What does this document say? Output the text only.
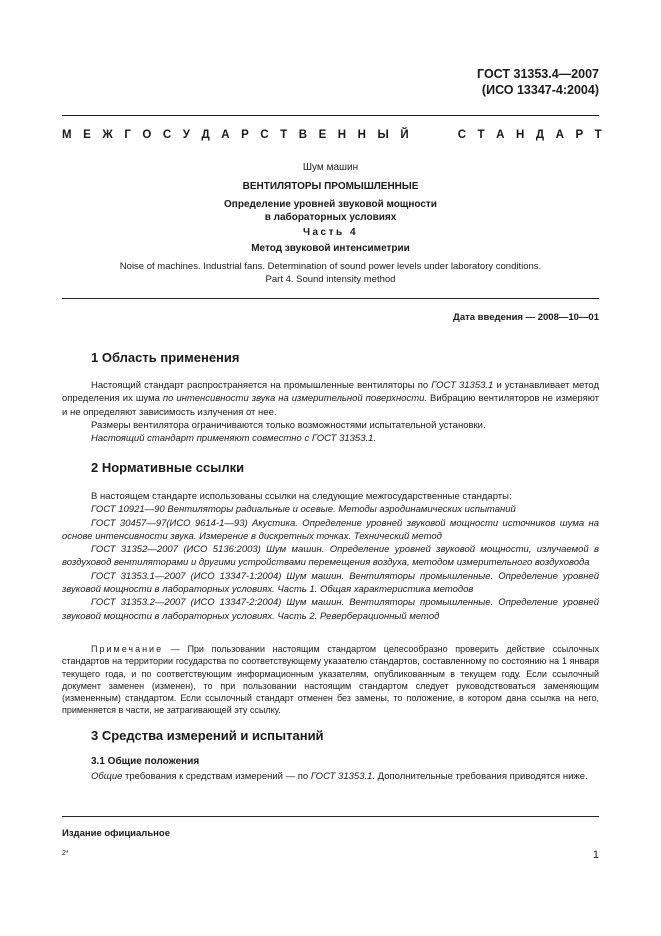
ГОСТ 31353.4—2007
(ИСО 13347-4:2004)
М Е Ж Г О С У Д А Р С Т В Е Н Н Ы Й	С Т А Н Д А Р Т
Шум машин
ВЕНТИЛЯТОРЫ ПРОМЫШЛЕННЫЕ
Определение уровней звуковой мощности
в лабораторных условиях
Часть 4
Метод звуковой интенсиметрии
Noise of machines. Industrial fans. Determination of sound power levels under laboratory conditions.
Part 4. Sound intensity method
Дата введения — 2008—10—01
1 Область применения

Настоящий стандарт распространяется на промышленные вентиляторы по ГОСТ 31353.1 и устанавливает метод определения их шума по интенсивности звука на измерительной поверхности. Вибрацию вентиляторов не измеряют и не определяют зависимость излучения от нее.

Размеры вентилятора ограничиваются только возможностями испытательной установки.

Настоящий стандарт применяют совместно с ГОСТ 31353.1.

2 Нормативные ссылки

В настоящем стандарте использованы ссылки на следующие межгосударственные стандарты:

ГОСТ 10921—90 Вентиляторы радиальные и осевые. Методы аэродинамических испытаний

ГОСТ 30457—97(ИСО 9614-1—93) Акустика. Определение уровней звуковой мощности источников шума на основе интенсивности звука. Измерение в дискретных точках. Технический метод

ГОСТ 31352—2007 (ИСО 5136:2003) Шум машин. Определение уровней звуковой мощности, излучаемой в воздуховод вентиляторами и другими устройствами перемещения воздуха, методом измерительного воздуховода

ГОСТ 31353.1—2007 (ИСО 13347-1:2004) Шум машин. Вентиляторы промышленные. Определение уровней звуковой мощности в лабораторных условиях. Часть 1. Общая характеристика методов

ГОСТ 31353.2—2007 (ИСО 13347-2:2004) Шум машин. Вентиляторы промышленные. Определение уровней звуковой мощности в лабораторных условиях. Часть 2. Реверберационный метод

Примечание — При пользовании настоящим стандартом целесообразно проверить действие ссылочных стандартов на территории государства по соответствующему указателю стандартов, составленному по состоянию на 1 января текущего года, и по соответствующим информационным указателям, опубликованным в текущем году. Если ссылочный документ заменен (изменен), то при пользовании настоящим стандартом следует руководствоваться заменяющим (измененным) стандартом. Если ссылочный стандарт отменен без замены, то положение, в котором дана ссылка на него, применяется в части, не затрагивающей эту ссылку.

3 Средства измерений и испытаний
3.1 Общие положения

Общие требования к средствам измерений — по ГОСТ 31353.1. Дополнительные требования приводятся ниже.

Издание официальное
2*	1
